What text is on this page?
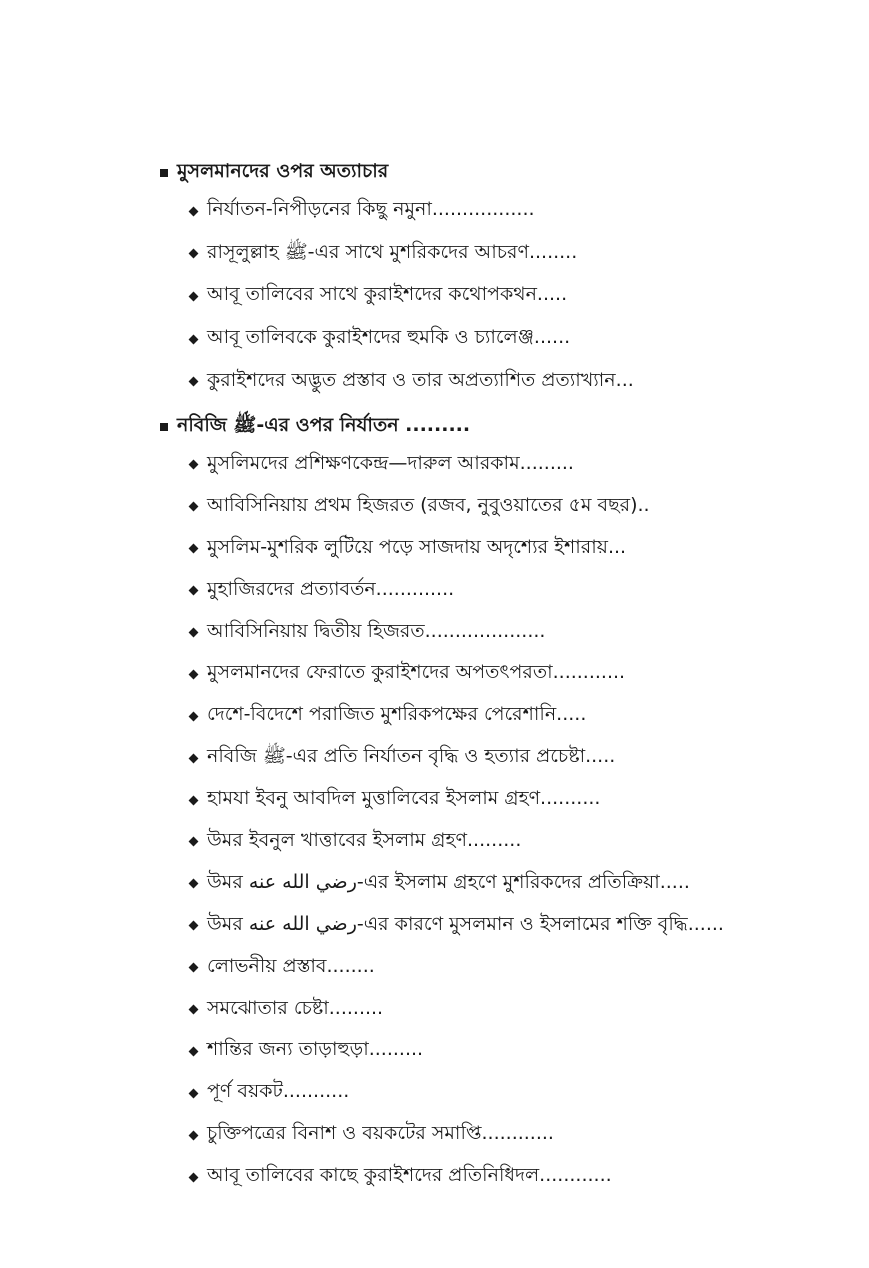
মুসলমানদের ওপর অত্যাচার
নির্যাতন-নিপীড়নের কিছু নমুনা.................
রাসূলুল্লাহ ﷺ-এর সাথে মুশরিকদের আচরণ........
আবূ তালিবের সাথে কুরাইশদের কথোপকথন.....
আবূ তালিবকে কুরাইশদের হুমকি ও চ্যালেঞ্জ......
কুরাইশদের অদ্ভুত প্রস্তাব ও তার অপ্রত্যাশিত প্রত্যাখ্যান...
নবিজি ﷺ-এর ওপর নির্যাতন .........
মুসলিমদের প্রশিক্ষণকেন্দ্র—দারুল আরকাম.........
আবিসিনিয়ায় প্রথম হিজরত (রজব, নুবুওয়াতের ৫ম বছর)..
মুসলিম-মুশরিক লুটিয়ে পড়ে সাজদায় অদৃশ্যের ইশারায়...
মুহাজিরদের প্রত্যাবর্তন.............
আবিসিনিয়ায় দ্বিতীয় হিজরত....................
মুসলমানদের ফেরাতে কুরাইশদের অপতৎপরতা............
দেশে-বিদেশে পরাজিত মুশরিকপক্ষের পেরেশানি.....
নবিজি ﷺ-এর প্রতি নির্যাতন বৃদ্ধি ও হত্যার প্রচেষ্টা.....
হামযা ইবনু আবদিল মুত্তালিবের ইসলাম গ্রহণ..........
উমর ইবনুল খাত্তাবের ইসলাম গ্রহণ.........
উমর رضي الله عنه-এর ইসলাম গ্রহণে মুশরিকদের প্রতিক্রিয়া.....
উমর رضي الله عنه-এর কারণে মুসলমান ও ইসলামের শক্তি বৃদ্ধি......
লোভনীয় প্রস্তাব........
সমঝোতার চেষ্টা.........
শান্তির জন্য তাড়াহুড়া.........
পূর্ণ বয়কট...........
চুক্তিপত্রের বিনাশ ও বয়কটের সমাপ্তি............
আবূ তালিবের কাছে কুরাইশদের প্রতিনিধিদল............
